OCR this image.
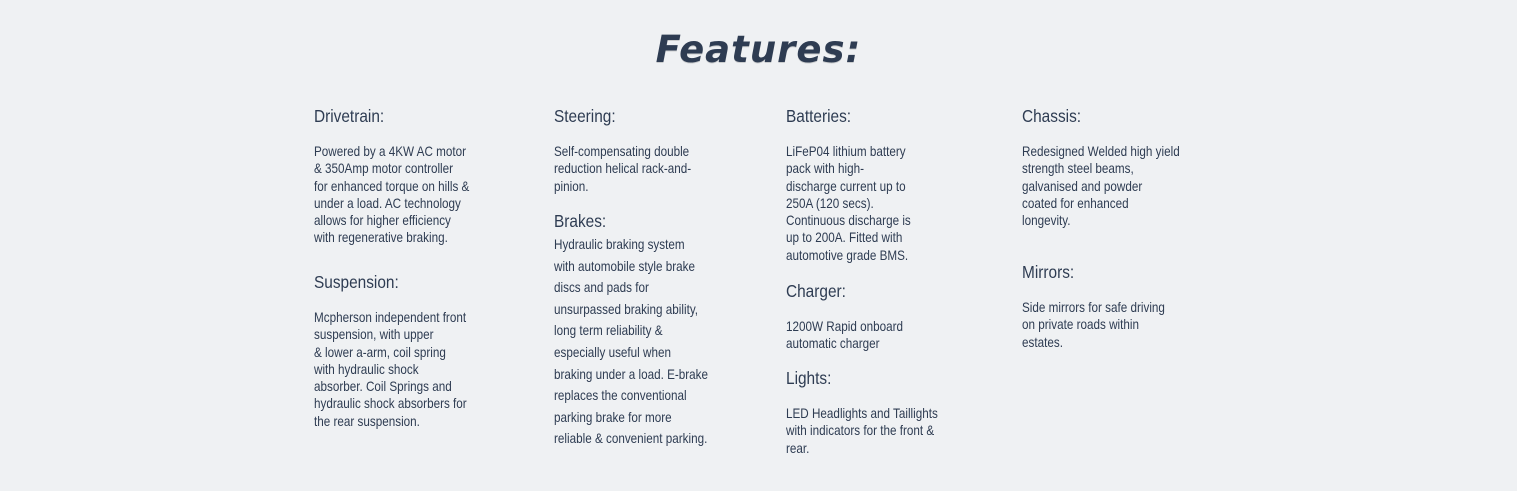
Features:
Drivetrain:

Powered by a 4KW AC motor
& 350Amp motor controller
for enhanced torque on hills &
under a load. AC technology
allows for higher efficiency
with regenerative braking.

Suspension:

Mcpherson independent front
suspension, with upper
& lower a-arm, coil spring
with hydraulic shock
absorber. Coil Springs and
hydraulic shock absorbers for
the rear suspension.

Steering:

Self-compensating double
reduction helical rack-and-
pinion.

Brakes:

Hydraulic braking system
with automobile style brake
discs and pads for
unsurpassed braking ability,
long term reliability &
especially useful when
braking under a load. E-brake
replaces the conventional
parking brake for more
reliable & convenient parking.

Batteries:

LiFeP04 lithium battery
pack with high-
discharge current up to
250A (120 secs).
Continuous discharge is
up to 200A. Fitted with
automotive grade BMS.

Charger:

1200W Rapid onboard
automatic charger

Lights:

LED Headlights and Taillights
with indicators for the front &
rear.

Chassis:

Redesigned Welded high yield
strength steel beams,
galvanised and powder
coated for enhanced
longevity.

Mirrors:

Side mirrors for safe driving
on private roads within
estates.
